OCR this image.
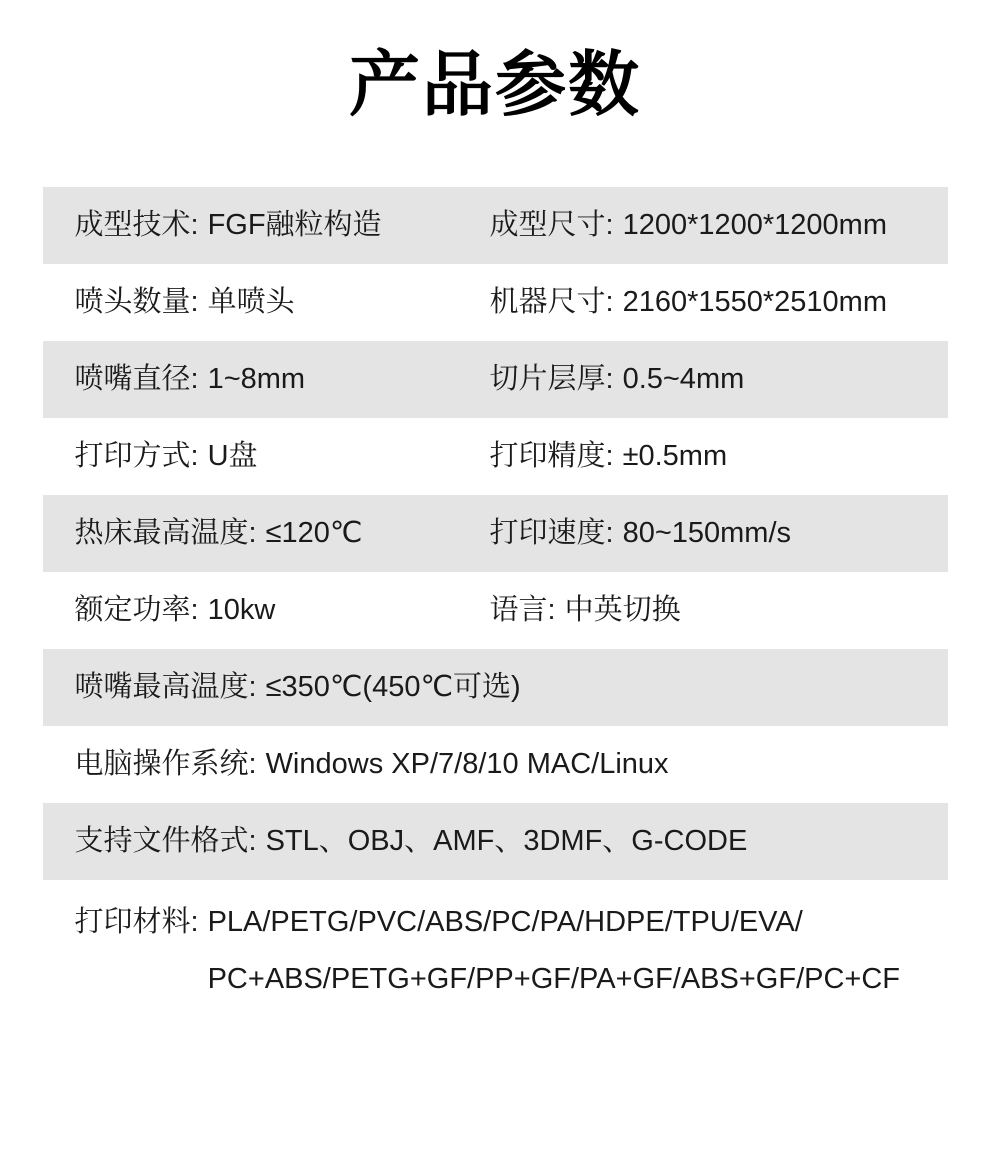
产品参数
成型技术: FGF融粒构造	成型尺寸: 1200*1200*1200mm
喷头数量: 单喷头	机器尺寸: 2160*1550*2510mm
喷嘴直径: 1~8mm	切片层厚: 0.5~4mm
打印方式: U盘	打印精度: ±0.5mm
热床最高温度: ≤120℃	打印速度: 80~150mm/s
额定功率: 10kw	语言: 中英切换
喷嘴最高温度: ≤350℃(450℃可选)
电脑操作系统: Windows XP/7/8/10 MAC/Linux
支持文件格式: STL、OBJ、AMF、3DMF、G-CODE
打印材料: PLA/PETG/PVC/ABS/PC/PA/HDPE/TPU/EVA/
PC+ABS/PETG+GF/PP+GF/PA+GF/ABS+GF/PC+CF
